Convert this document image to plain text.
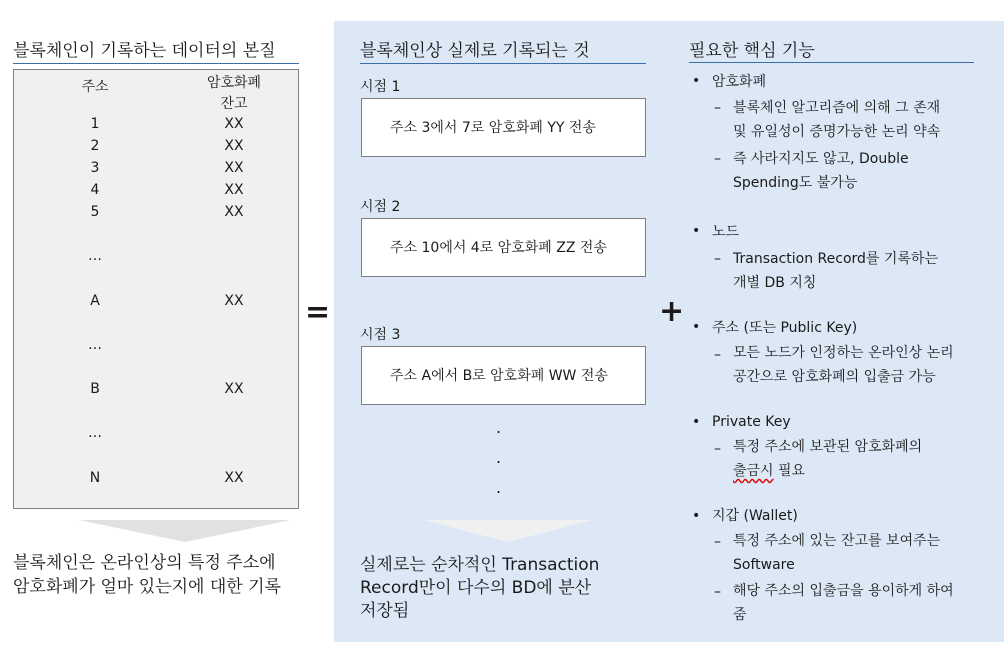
블록체인이 기록하는 데이터의 본질
주소	암호화폐
잔고
1	XX
2	XX
3	XX
4	XX
5	XX
…
A	XX
…
B	XX
…
N	XX
블록체인은 온라인상의 특정 주소에
암호화폐가 얼마 있는지에 대한 기록
=
블록체인상 실제로 기록되는 것
시점 1
주소 3에서 7로 암호화폐 YY 전송
시점 2
주소 10에서 4로 암호화폐 ZZ 전송
시점 3
주소 A에서 B로 암호화폐 WW 전송
.
.
.
실제로는 순차적인 Transaction
Record만이 다수의 BD에 분산
저장됨
+
필요한 핵심 기능
• 암호화폐
– 블록체인 알고리즘에 의해 그 존재
및 유일성이 증명가능한 논리 약속
– 즉 사라지지도 않고, Double
Spending도 불가능
• 노드
– Transaction Record를 기록하는
개별 DB 지칭
• 주소 (또는 Public Key)
– 모든 노드가 인정하는 온라인상 논리
공간으로 암호화폐의 입출금 가능
• Private Key
– 특정 주소에 보관된 암호화폐의
출금시 필요
• 지갑 (Wallet)
– 특정 주소에 있는 잔고를 보여주는
Software
– 해당 주소의 입출금을 용이하게 하여
줌
